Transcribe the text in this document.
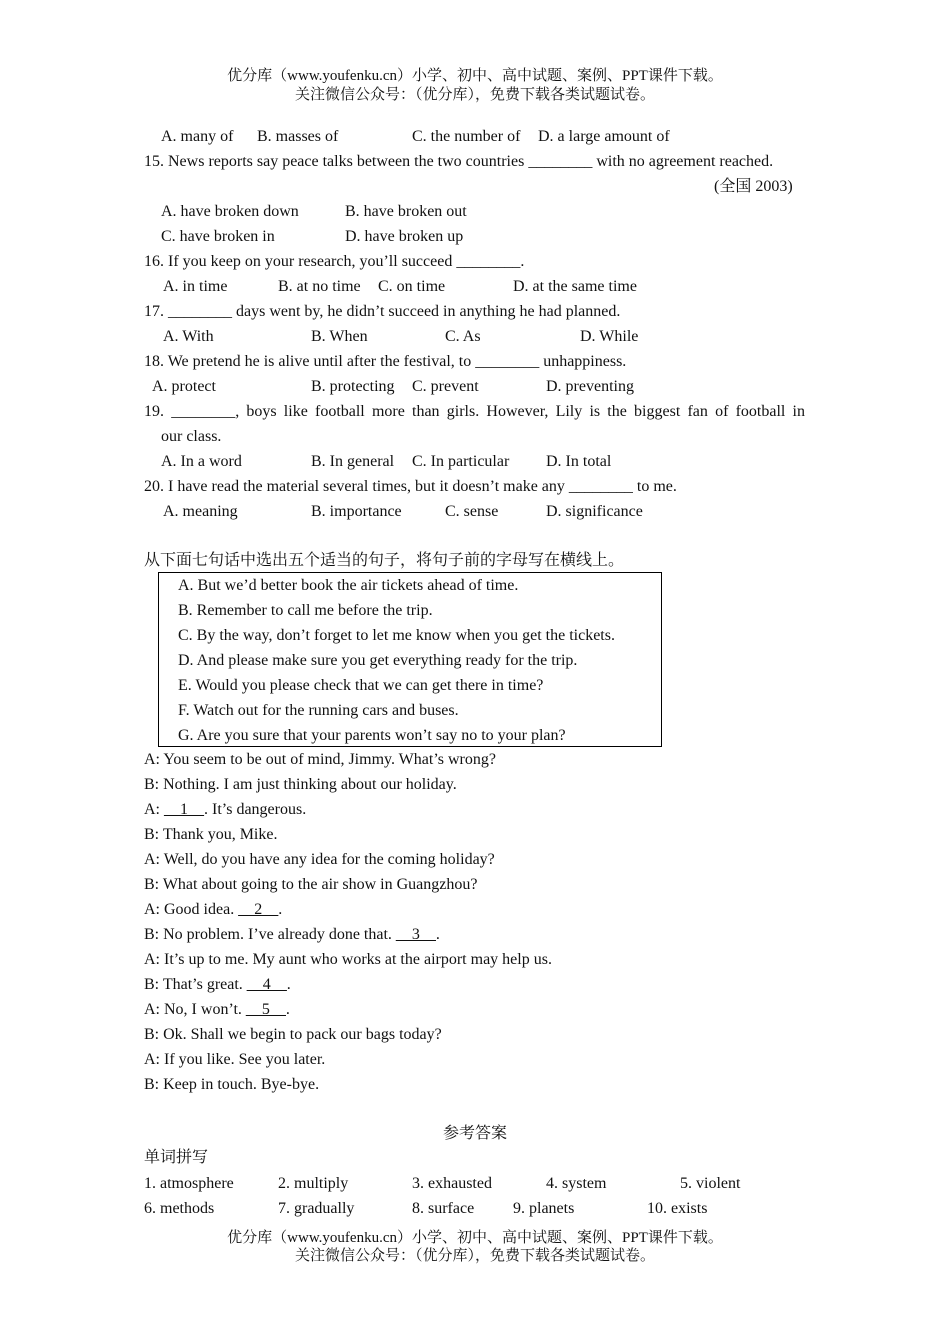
优分库（www.youfenku.cn）小学、初中、高中试题、案例、PPT课件下载。
关注微信公众号：（优分库），免费下载各类试题试卷。
A. many of B. masses of	C. the number of D. a large amount of
15. News reports say peace talks between the two countries ________ with no agreement reached.
(全国 2003)
A. have broken down	B. have broken out
C. have broken in	D. have broken up
16. If you keep on your research, you’ll succeed ________.
A. in time	B. at no time C. on time	D. at the same time
17. ________ days went by, he didn’t succeed in anything he had planned.
A. With	B. When	C. As	D. While
18. We pretend he is alive until after the festival, to ________ unhappiness.
A. protect	B. protecting C. prevent	D. preventing
19. ________, boys like football more than girls. However, Lily is the biggest fan of football in
our class.
A. In a word	B. In general C. In particular D. In total
20. I have read the material several times, but it doesn’t make any ________ to me.
A. meaning	B. importance	C. sense	D. significance
从下面七句话中选出五个适当的句子，将句子前的字母写在横线上。
A. But we’d better book the air tickets ahead of time.
B. Remember to call me before the trip.
C. By the way, don’t forget to let me know when you get the tickets.
D. And please make sure you get everything ready for the trip.
E. Would you please check that we can get there in time?
F. Watch out for the running cars and buses.
G. Are you sure that your parents won’t say no to your plan?
A: You seem to be out of mind, Jimmy. What’s wrong?
B: Nothing. I am just thinking about our holiday.
A: __1__. It’s dangerous.
B: Thank you, Mike.
A: Well, do you have any idea for the coming holiday?
B: What about going to the air show in Guangzhou?
A: Good idea. __2__.
B: No problem. I’ve already done that. __3__.
A: It’s up to me. My aunt who works at the airport may help us.
B: That’s great. __4__.
A: No, I won’t. __5__.
B: Ok. Shall we begin to pack our bags today?
A: If you like. See you later.
B: Keep in touch. Bye-bye.
参考答案
单词拼写
1. atmosphere	2. multiply	3. exhausted	4. system	5. violent
6. methods	7. gradually	8. surface 9. planets	10. exists
优分库（www.youfenku.cn）小学、初中、高中试题、案例、PPT课件下载。
关注微信公众号：（优分库），免费下载各类试题试卷。
